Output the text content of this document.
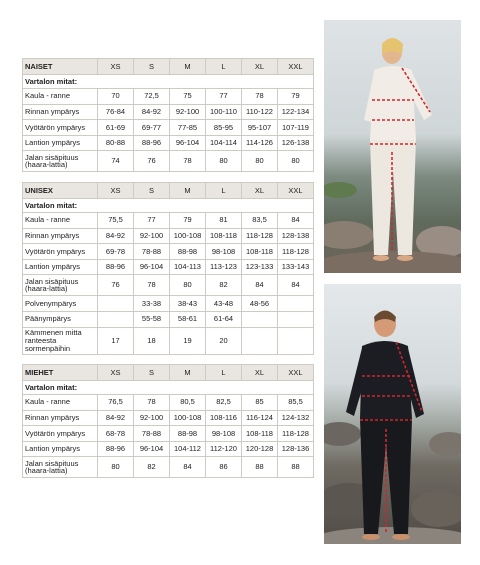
NAISET	XS	S	M	L	XL	XXL
Vartalon mitat:						
Kaula - ranne	70	72,5	75	77	78	79
Rinnan ympärys	76-84	84-92	92-100	100-110	110-122	122-134
Vyötärön ympärys	61-69	69-77	77-85	85-95	95-107	107-119
Lantion ympärys	80-88	88-96	96-104	104-114	114-126	126-138
Jalan sisäpituus (haara-lattia)	74	76	78	80	80	80
UNISEX	XS	S	M	L	XL	XXL
Vartalon mitat:						
Kaula - ranne	75,5	77	79	81	83,5	84
Rinnan ympärys	84-92	92-100	100-108	108-118	118-128	128-138
Vyötärön ympärys	69-78	78-88	88-98	98-108	108-118	118-128
Lantion ympärys	88-96	96-104	104-113	113-123	123-133	133-143
Jalan sisäpituus (haara-lattia)	76	78	80	82	84	84
Polvenympärys		33-38	38-43	43-48	48-56	
Päänympärys		55-58	58-61	61-64		
Kämmenen mitta ranteesta sormenpäihin	17	18	19	20		
MIEHET	XS	S	M	L	XL	XXL
Vartalon mitat:						
Kaula - ranne	76,5	78	80,5	82,5	85	85,5
Rinnan ympärys	84-92	92-100	100-108	108-116	116-124	124-132
Vyötärön ympärys	68-78	78-88	88-98	98-108	108-118	118-128
Lantion ympärys	88-96	96-104	104-112	112-120	120-128	128-136
Jalan sisäpituus (haara-lattia)	80	82	84	86	88	88
